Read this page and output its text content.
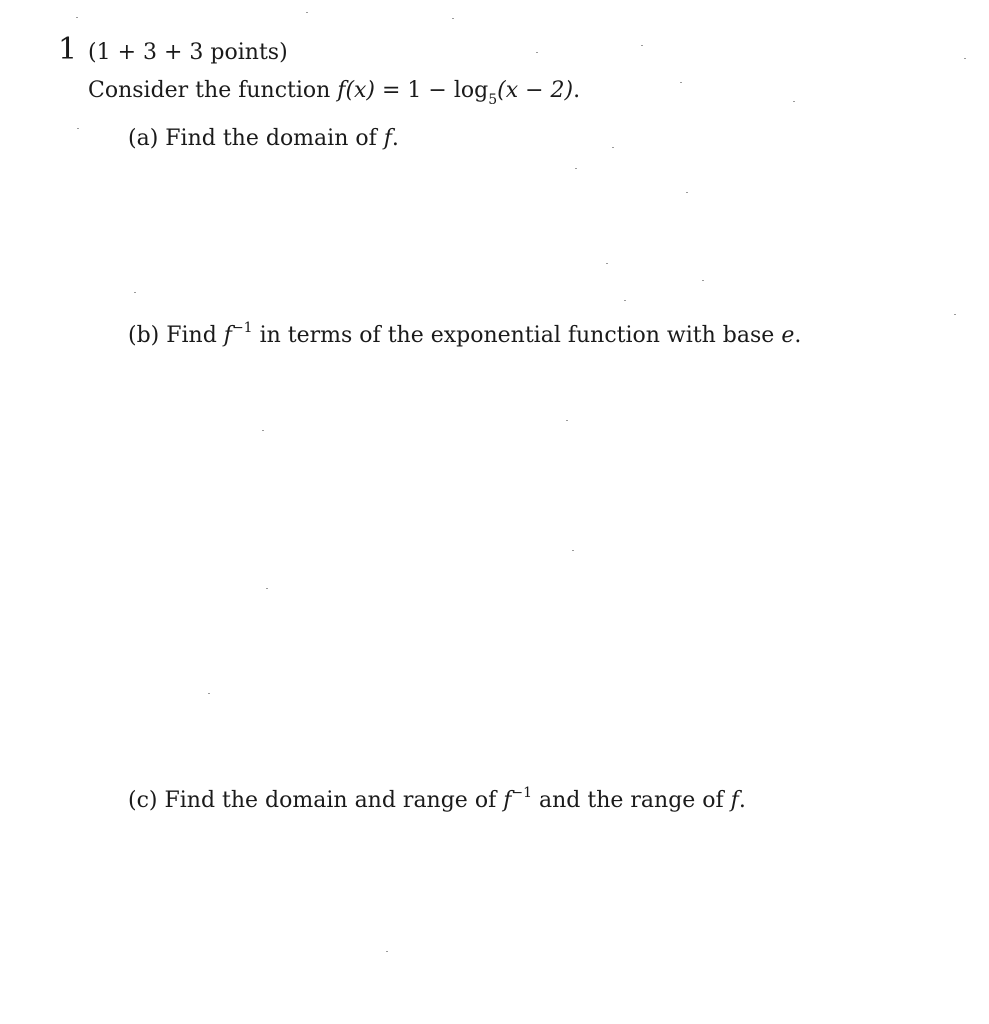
1 (1 + 3 + 3 points)
Consider the function $f(x) = 1 - \log_5(x - 2)$.
(a) Find the domain of f.
(b) Find $f^{-1}$ in terms of the exponential function with base e.
(c) Find the domain and range of $f^{-1}$ and the range of f.
